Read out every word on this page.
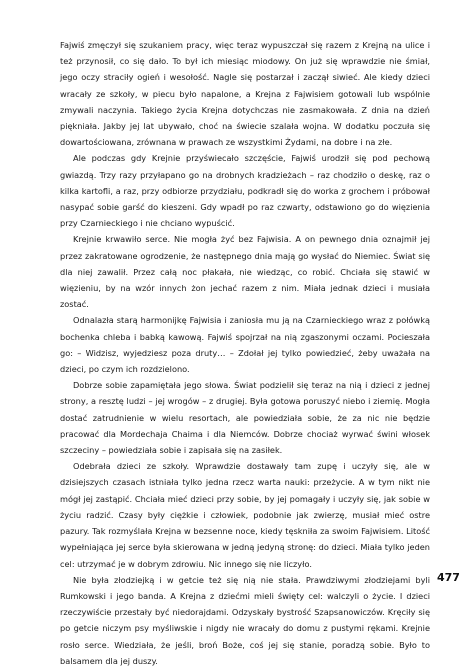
Fajwiś zmęczył się szukaniem pracy, więc teraz wypuszczał się razem z Krejną na ulice i też przynosił, co się dało. To był ich miesiąc miodowy. On już się wprawdzie nie śmiał, jego oczy straciły ogień i wesołość. Nagle się postarzał i zaczął siwieć. Ale kiedy dzieci wracały ze szkoły, w piecu było napalone, a Krejna z Fajwisiem gotowali lub wspólnie zmywali naczynia. Takiego życia Krejna dotychczas nie zasmakowała. Z dnia na dzień piękniała. Jakby jej lat ubywało, choć na świecie szalała wojna. W dodatku poczuła się dowartościowana, zrównana w prawach ze wszystkimi Żydami, na dobre i na złe.

Ale podczas gdy Krejnie przyświecało szczęście, Fajwiś urodził się pod pechową gwiazdą. Trzy razy przyłapano go na drobnych kradzieżach – raz chodziło o deskę, raz o kilka kartofli, a raz, przy odbiorze przydziału, podkradł się do worka z grochem i próbował nasypać sobie garść do kieszeni. Gdy wpadł po raz czwarty, odstawiono go do więzienia przy Czarnieckiego i nie chciano wypuścić.

Krejnie krwawiło serce. Nie mogła żyć bez Fajwisia. A on pewnego dnia oznajmił jej przez zakratowane ogrodzenie, że następnego dnia mają go wysłać do Niemiec. Świat się dla niej zawalił. Przez całą noc płakała, nie wiedząc, co robić. Chciała się stawić w więzieniu, by na wzór innych żon jechać razem z nim. Miała jednak dzieci i musiała zostać.

Odnalazła starą harmonijkę Fajwisia i zaniosła mu ją na Czarnieckiego wraz z połówką bochenka chleba i babką kawową. Fajwiś spojrzał na nią zgaszonymi oczami. Pocieszała go: – Widzisz, wyjedziesz poza druty… – Zdołał jej tylko powiedzieć, żeby uważała na dzieci, po czym ich rozdzielono.

Dobrze sobie zapamiętała jego słowa. Świat podzielił się teraz na nią i dzieci z jednej strony, a resztę ludzi – jej wrogów – z drugiej. Była gotowa poruszyć niebo i ziemię. Mogła dostać zatrudnienie w wielu resortach, ale powiedziała sobie, że za nic nie będzie pracować dla Mordechaja Chaima i dla Niemców. Dobrze chociaż wyrwać świni włosek szczeciny – powiedziała sobie i zapisała się na zasiłek.

Odebrała dzieci ze szkoły. Wprawdzie dostawały tam zupę i uczyły się, ale w dzisiejszych czasach istniała tylko jedna rzecz warta nauki: przeżycie. A w tym nikt nie mógł jej zastąpić. Chciała mieć dzieci przy sobie, by jej pomagały i uczyły się, jak sobie w życiu radzić. Czasy były ciężkie i człowiek, podobnie jak zwierzę, musiał mieć ostre pazury. Tak rozmyślała Krejna w bezsenne noce, kiedy tęskniła za swoim Fajwisiem. Litość wypełniająca jej serce była skierowana w jedną jedyną stronę: do dzieci. Miała tylko jeden cel: utrzymać je w dobrym zdrowiu. Nic innego się nie liczyło.

Nie była złodziejką i w getcie też się nią nie stała. Prawdziwymi złodziejami byli Rumkowski i jego banda. A Krejna z dziećmi mieli święty cel: walczyli o życie. I dzieci rzeczywiście przestały być niedorajdami. Odzyskały bystrość Szapsanowiczów. Kręciły się po getcie niczym psy myśliwskie i nigdy nie wracały do domu z pustymi rękami. Krejnie rosło serce. Wiedziała, że jeśli, broń Boże, coś jej się stanie, poradzą sobie. Było to balsamem dla jej duszy.

477
